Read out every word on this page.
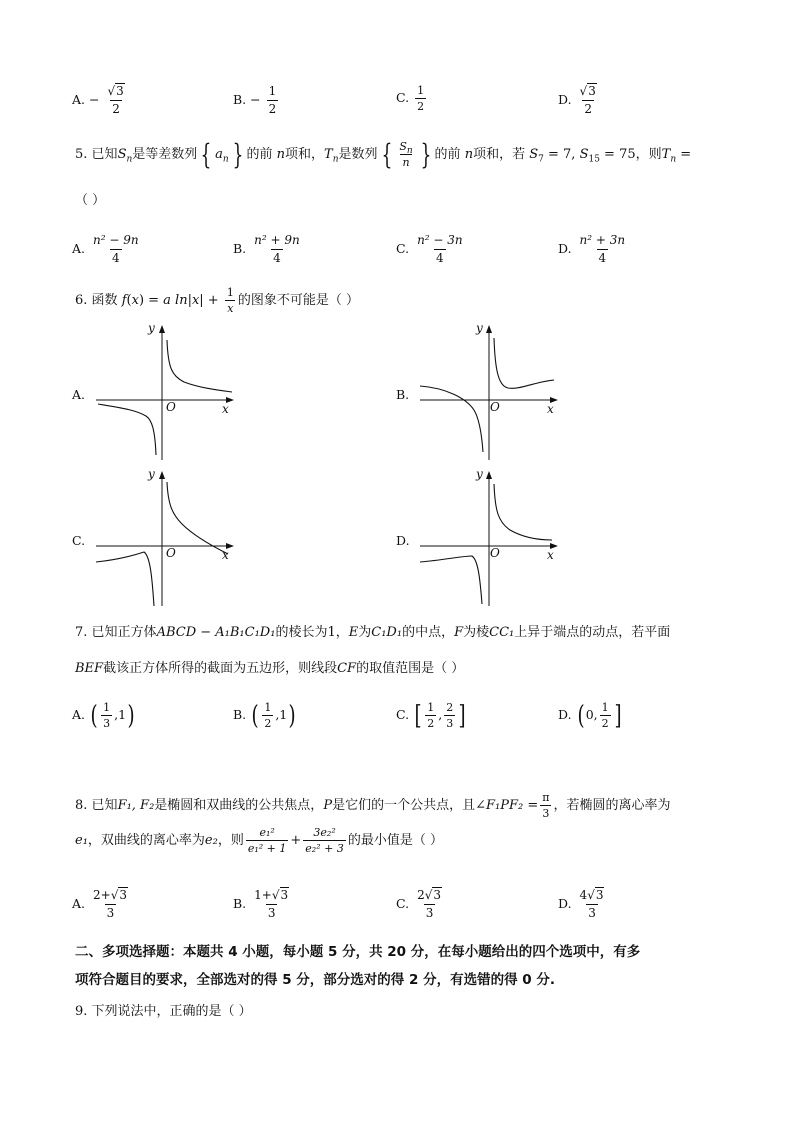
A. − $\frac{√3}{2}$	B. − $\frac{1}{2}$	C. $\frac{1}{2}$	D. $\frac{√3}{2}$
5. 已知$S_n$是等差数列 { $a_n$ } 的前 n项和，$T_n$是数列 { $\frac{S_n}{n}$ } 的前 n项和，若 $S_7 = 7$, $S_{15} = 75$，则$T_n$ =
（ ）
A. $\frac{\text{n² − 9n}}{4}$	B. $\frac{\text{n² + 9n}}{4}$	C. $\frac{\text{n² − 3n}}{4}$	D. $\frac{\text{n² + 3n}}{4}$
6. 函数 f(x) = a $\ln|x| + \frac{1}{x}$ 的图象不可能是（ ）
A.	B.
C.	D.
x
y
O	x
y
O
x
y
O	x
y
O
7. 已知正方体ABCD − A₁B₁C₁D₁的棱长为1，E为C₁D₁的中点，F为棱CC₁上异于端点的动点，若平面
BEF截该正方体所得的截面为五边形，则线段CF的取值范围是（ ）
A. ( $\frac{1}{3} ,1$)	B. ( $\frac{1}{2} ,1$)	C. [ $\frac{1}{2}$ , $\frac{2}{3}$ ]	D. ( 0, $\frac{1}{2}$ ]
8. 已知F₁, F₂是椭圆和双曲线的公共焦点，P是它们的一个公共点，且∠F₁PF₂ = $\frac{\pi}{3}$ ，若椭圆的离心率为
e₁，双曲线的离心率为e₂，则 $\frac{\text{e₁²}}{\text{e₁² + 1}} + \frac{\text{3e₂²}}{\text{e₂² + 3}}$ 的最小值是（ ）
A. $\frac{2+√3}{3}$	B. $\frac{1+√3}{3}$	C. $\frac{2√3}{3}$	D. $\frac{4√3}{3}$
二、多项选择题：本题共 4 小题，每小题 5 分，共 20 分，在每小题给出的四个选项中，有多
项符合题目的要求，全部选对的得 5 分，部分选对的得 2 分，有选错的得 0 分.
9. 下列说法中，正确的是（ ）
